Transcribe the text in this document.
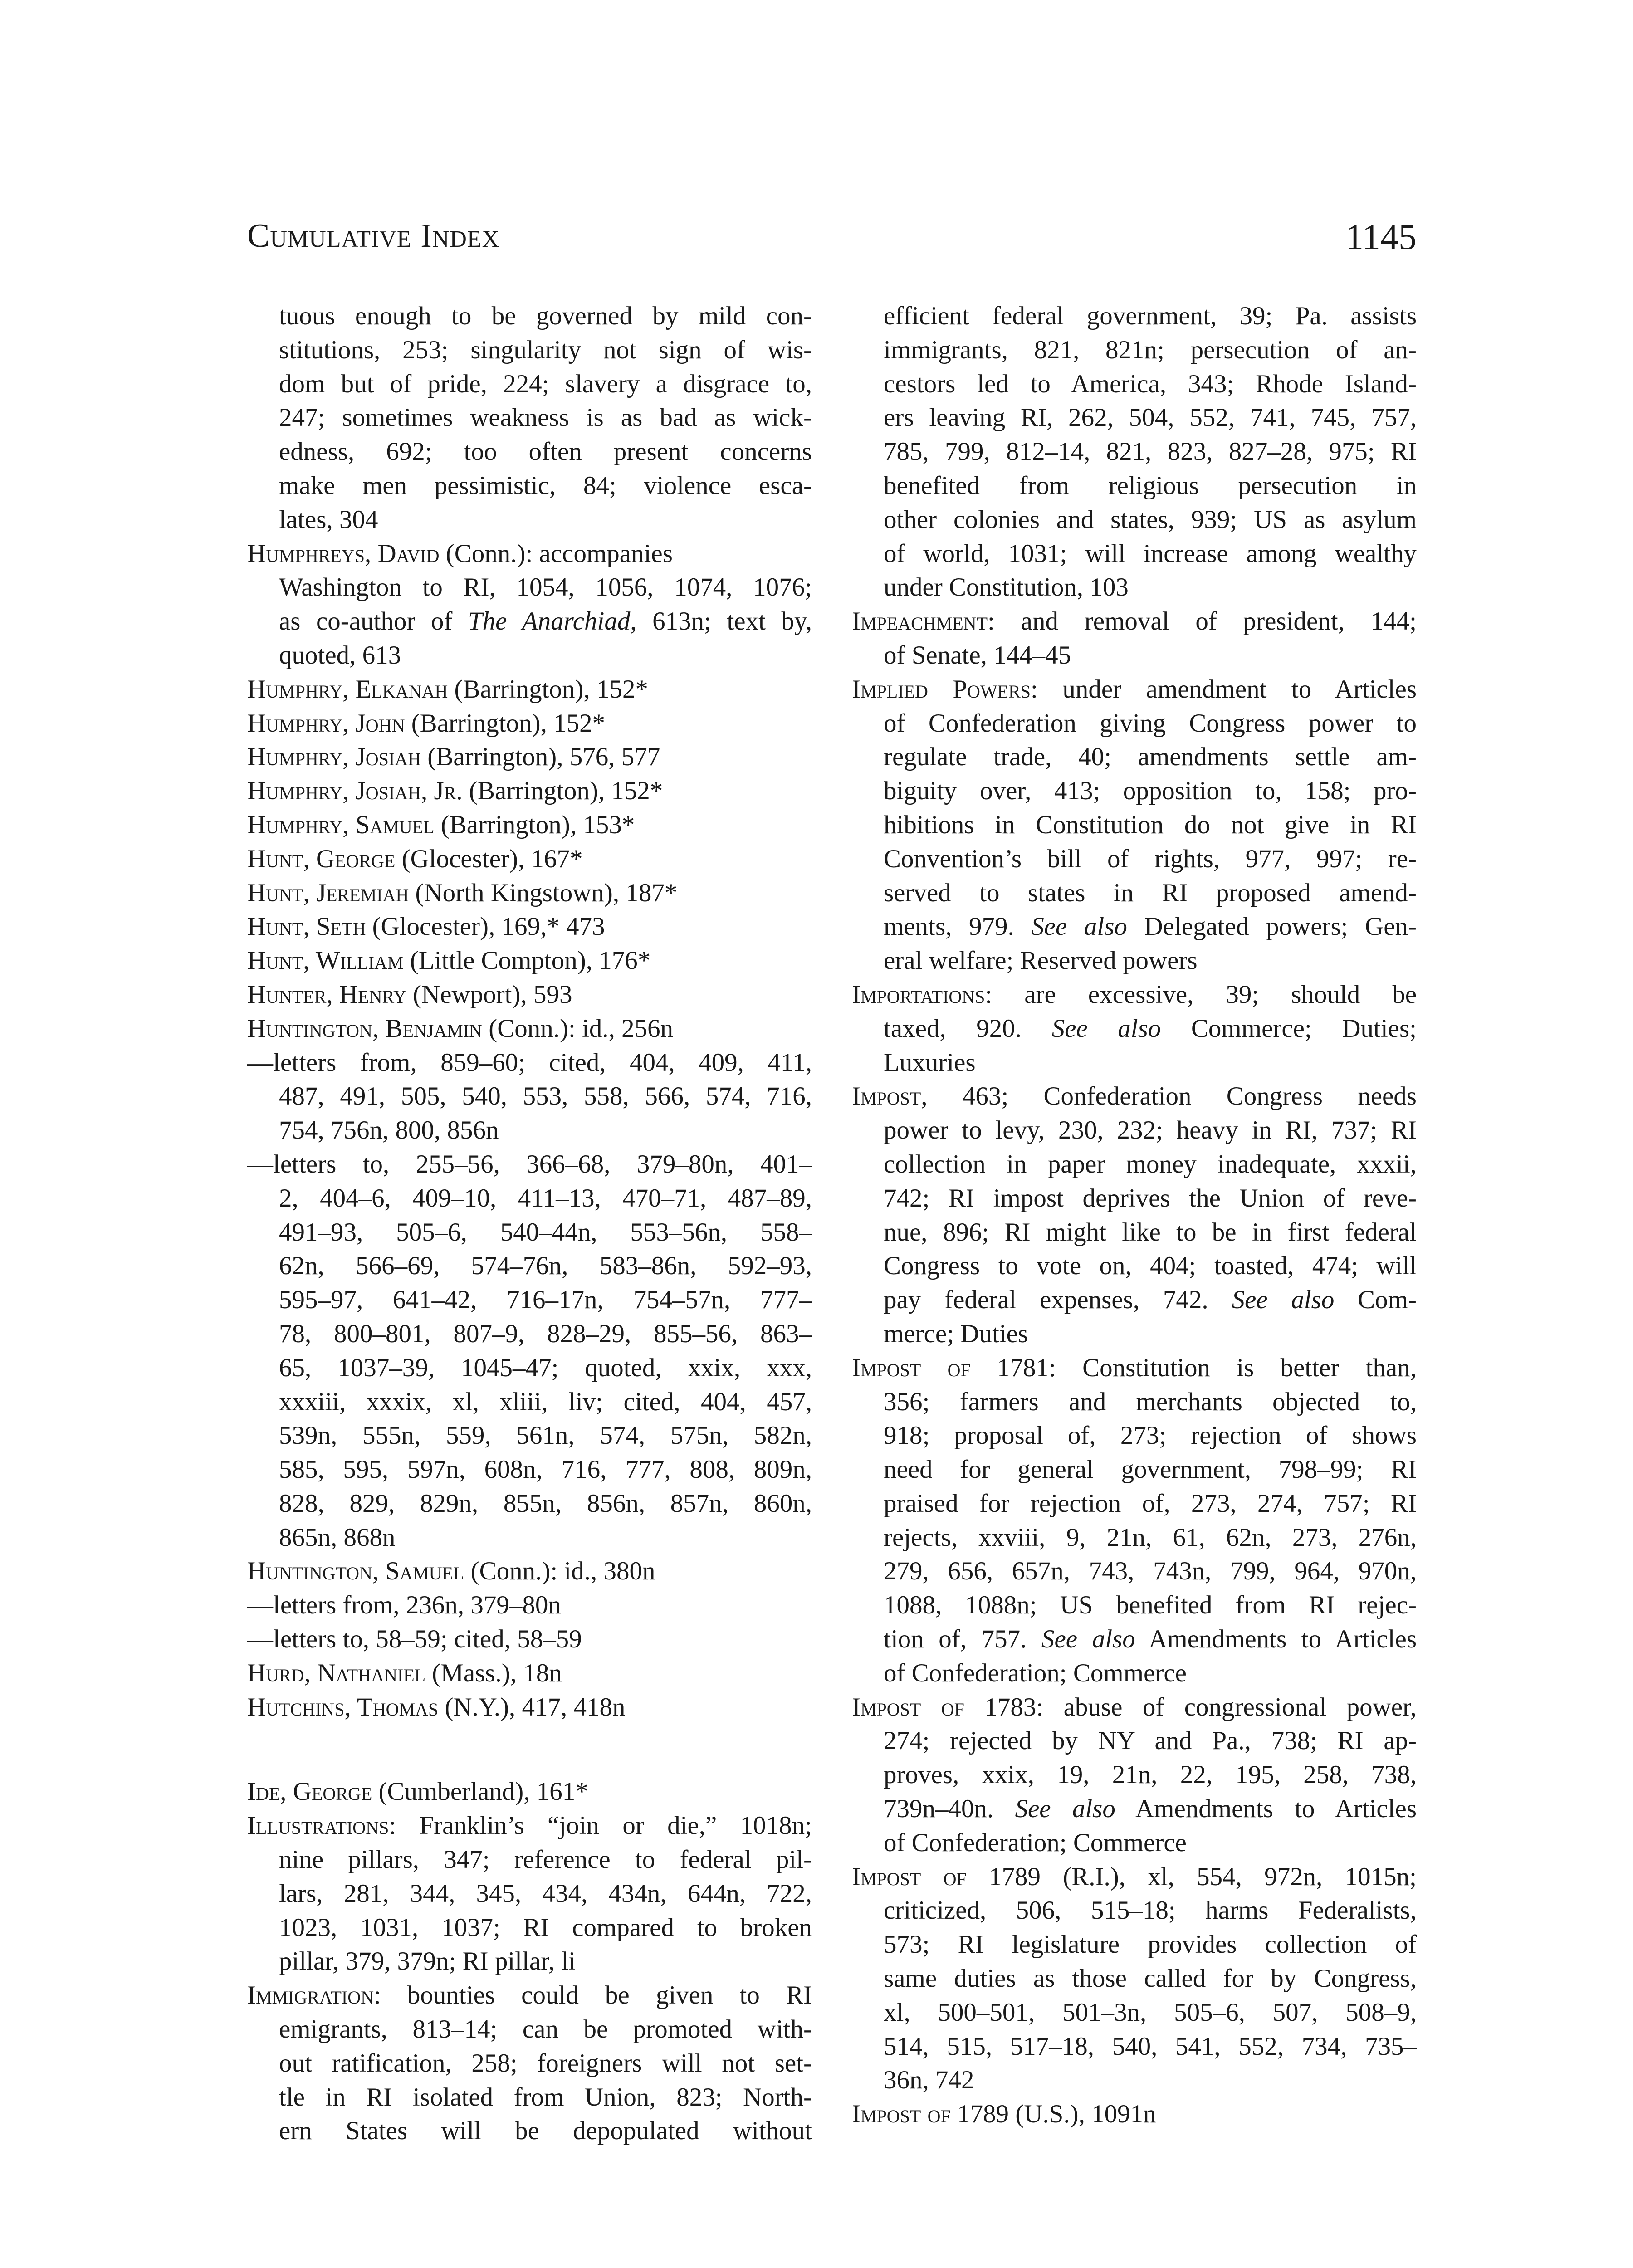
Cumulative Index	1145
tuous enough to be governed by mild con-
stitutions, 253; singularity not sign of wis-
dom but of pride, 224; slavery a disgrace to,
247; sometimes weakness is as bad as wick-
edness, 692; too often present concerns
make men pessimistic, 84; violence esca-
lates, 304
Humphreys, David (Conn.): accompanies
Washington to RI, 1054, 1056, 1074, 1076;
as co-author of The Anarchiad, 613n; text by,
quoted, 613
Humphry, Elkanah (Barrington), 152*
Humphry, John (Barrington), 152*
Humphry, Josiah (Barrington), 576, 577
Humphry, Josiah, Jr. (Barrington), 152*
Humphry, Samuel (Barrington), 153*
Hunt, George (Glocester), 167*
Hunt, Jeremiah (North Kingstown), 187*
Hunt, Seth (Glocester), 169,* 473
Hunt, William (Little Compton), 176*
Hunter, Henry (Newport), 593
Huntington, Benjamin (Conn.): id., 256n
—letters from, 859–60; cited, 404, 409, 411,
487, 491, 505, 540, 553, 558, 566, 574, 716,
754, 756n, 800, 856n
—letters to, 255–56, 366–68, 379–80n, 401–
2, 404–6, 409–10, 411–13, 470–71, 487–89,
491–93, 505–6, 540–44n, 553–56n, 558–
62n, 566–69, 574–76n, 583–86n, 592–93,
595–97, 641–42, 716–17n, 754–57n, 777–
78, 800–801, 807–9, 828–29, 855–56, 863–
65, 1037–39, 1045–47; quoted, xxix, xxx,
xxxiii, xxxix, xl, xliii, liv; cited, 404, 457,
539n, 555n, 559, 561n, 574, 575n, 582n,
585, 595, 597n, 608n, 716, 777, 808, 809n,
828, 829, 829n, 855n, 856n, 857n, 860n,
865n, 868n
Huntington, Samuel (Conn.): id., 380n
—letters from, 236n, 379–80n
—letters to, 58–59; cited, 58–59
Hurd, Nathaniel (Mass.), 18n
Hutchins, Thomas (N.Y.), 417, 418n
Ide, George (Cumberland), 161*
Illustrations: Franklin’s “join or die,” 1018n;
nine pillars, 347; reference to federal pil-
lars, 281, 344, 345, 434, 434n, 644n, 722,
1023, 1031, 1037; RI compared to broken
pillar, 379, 379n; RI pillar, li
Immigration: bounties could be given to RI
emigrants, 813–14; can be promoted with-
out ratification, 258; foreigners will not set-
tle in RI isolated from Union, 823; North-
ern States will be depopulated without
efficient federal government, 39; Pa. assists
immigrants, 821, 821n; persecution of an-
cestors led to America, 343; Rhode Island-
ers leaving RI, 262, 504, 552, 741, 745, 757,
785, 799, 812–14, 821, 823, 827–28, 975; RI
benefited from religious persecution in
other colonies and states, 939; US as asylum
of world, 1031; will increase among wealthy
under Constitution, 103
Impeachment: and removal of president, 144;
of Senate, 144–45
Implied Powers: under amendment to Articles
of Confederation giving Congress power to
regulate trade, 40; amendments settle am-
biguity over, 413; opposition to, 158; pro-
hibitions in Constitution do not give in RI
Convention’s bill of rights, 977, 997; re-
served to states in RI proposed amend-
ments, 979. See also Delegated powers; Gen-
eral welfare; Reserved powers
Importations: are excessive, 39; should be
taxed, 920. See also Commerce; Duties;
Luxuries
Impost, 463; Confederation Congress needs
power to levy, 230, 232; heavy in RI, 737; RI
collection in paper money inadequate, xxxii,
742; RI impost deprives the Union of reve-
nue, 896; RI might like to be in first federal
Congress to vote on, 404; toasted, 474; will
pay federal expenses, 742. See also Com-
merce; Duties
Impost of 1781: Constitution is better than,
356; farmers and merchants objected to,
918; proposal of, 273; rejection of shows
need for general government, 798–99; RI
praised for rejection of, 273, 274, 757; RI
rejects, xxviii, 9, 21n, 61, 62n, 273, 276n,
279, 656, 657n, 743, 743n, 799, 964, 970n,
1088, 1088n; US benefited from RI rejec-
tion of, 757. See also Amendments to Articles
of Confederation; Commerce
Impost of 1783: abuse of congressional power,
274; rejected by NY and Pa., 738; RI ap-
proves, xxix, 19, 21n, 22, 195, 258, 738,
739n–40n. See also Amendments to Articles
of Confederation; Commerce
Impost of 1789 (R.I.), xl, 554, 972n, 1015n;
criticized, 506, 515–18; harms Federalists,
573; RI legislature provides collection of
same duties as those called for by Congress,
xl, 500–501, 501–3n, 505–6, 507, 508–9,
514, 515, 517–18, 540, 541, 552, 734, 735–
36n, 742
Impost of 1789 (U.S.), 1091n
